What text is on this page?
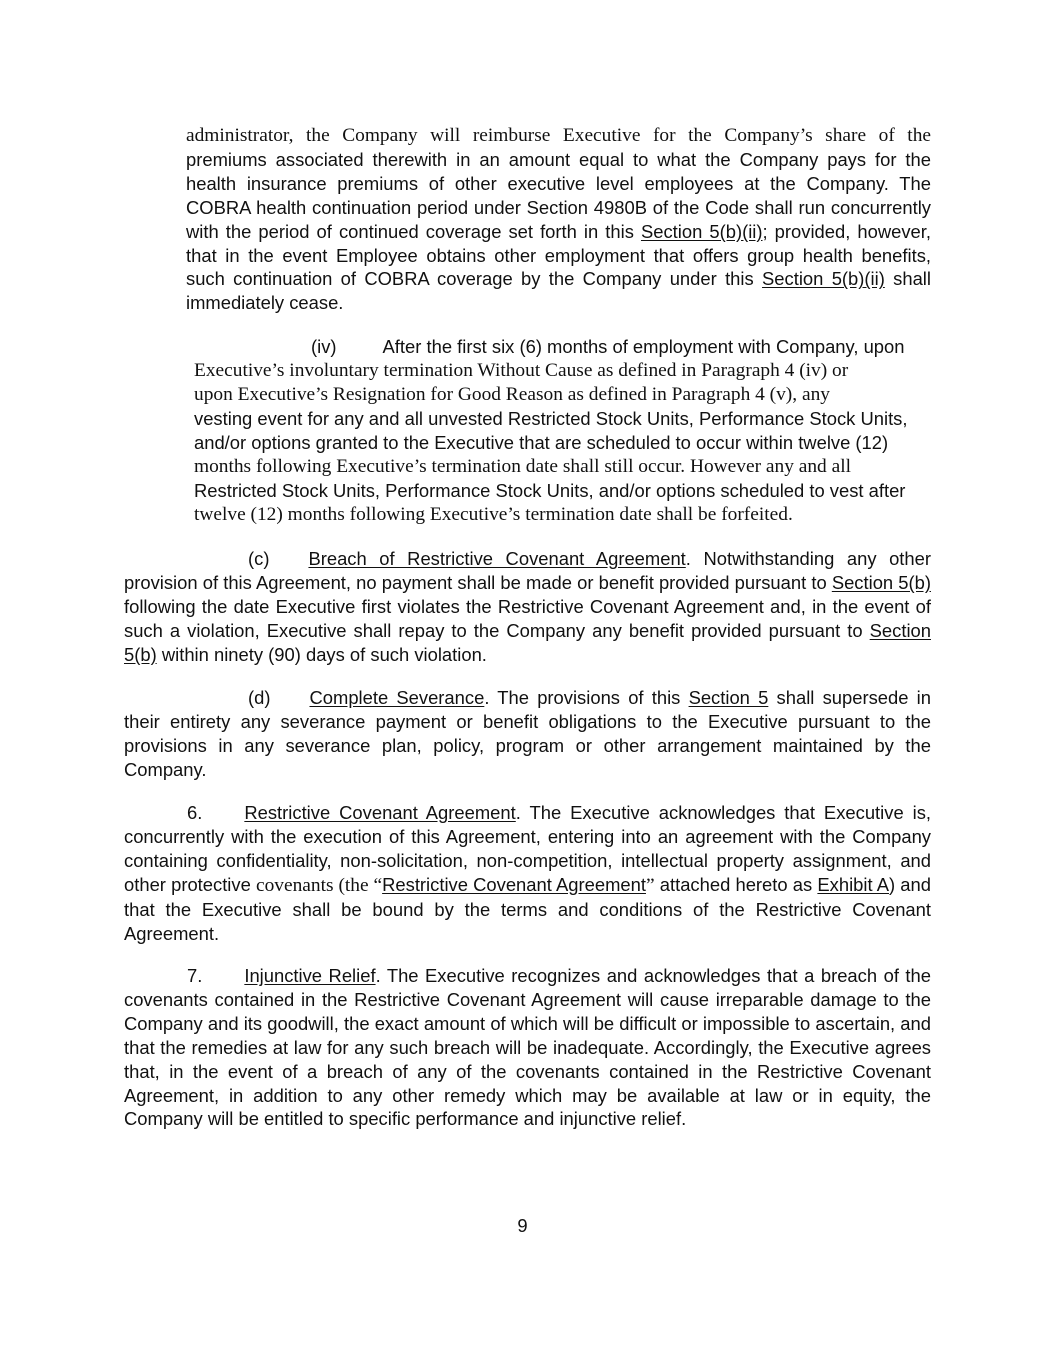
administrator, the Company will reimburse Executive for the Company’s share of the premiums associated therewith in an amount equal to what the Company pays for the health insurance premiums of other executive level employees at the Company. The COBRA health continuation period under Section 4980B of the Code shall run concurrently with the period of continued coverage set forth in this Section 5(b)(ii); provided, however, that in the event Employee obtains other employment that offers group health benefits, such continuation of COBRA coverage by the Company under this Section 5(b)(ii) shall immediately cease.

(iv)	After the first six (6) months of employment with Company, upon
Executive’s involuntary termination Without Cause as defined in Paragraph 4 (iv) or
upon Executive’s Resignation for Good Reason as defined in Paragraph 4 (v), any
vesting event for any and all unvested Restricted Stock Units, Performance Stock Units,
and/or options granted to the Executive that are scheduled to occur within twelve (12)
months following Executive’s termination date shall still occur. However any and all
Restricted Stock Units, Performance Stock Units, and/or options scheduled to vest after
twelve (12) months following Executive’s termination date shall be forfeited.

(c) Breach of Restrictive Covenant Agreement. Notwithstanding any other provision of this Agreement, no payment shall be made or benefit provided pursuant to Section 5(b) following the date Executive first violates the Restrictive Covenant Agreement and, in the event of such a violation, Executive shall repay to the Company any benefit provided pursuant to Section 5(b) within ninety (90) days of such violation.

(d) Complete Severance. The provisions of this Section 5 shall supersede in their entirety any severance payment or benefit obligations to the Executive pursuant to the provisions in any severance plan, policy, program or other arrangement maintained by the Company.

6. Restrictive Covenant Agreement. The Executive acknowledges that Executive is, concurrently with the execution of this Agreement, entering into an agreement with the Company containing confidentiality, non-solicitation, non-competition, intellectual property assignment, and other protective covenants (the “Restrictive Covenant Agreement” attached hereto as Exhibit A) and that the Executive shall be bound by the terms and conditions of the Restrictive Covenant Agreement.

7. Injunctive Relief. The Executive recognizes and acknowledges that a breach of the covenants contained in the Restrictive Covenant Agreement will cause irreparable damage to the Company and its goodwill, the exact amount of which will be difficult or impossible to ascertain, and that the remedies at law for any such breach will be inadequate. Accordingly, the Executive agrees that, in the event of a breach of any of the covenants contained in the Restrictive Covenant Agreement, in addition to any other remedy which may be available at law or in equity, the Company will be entitled to specific performance and injunctive relief.

9
